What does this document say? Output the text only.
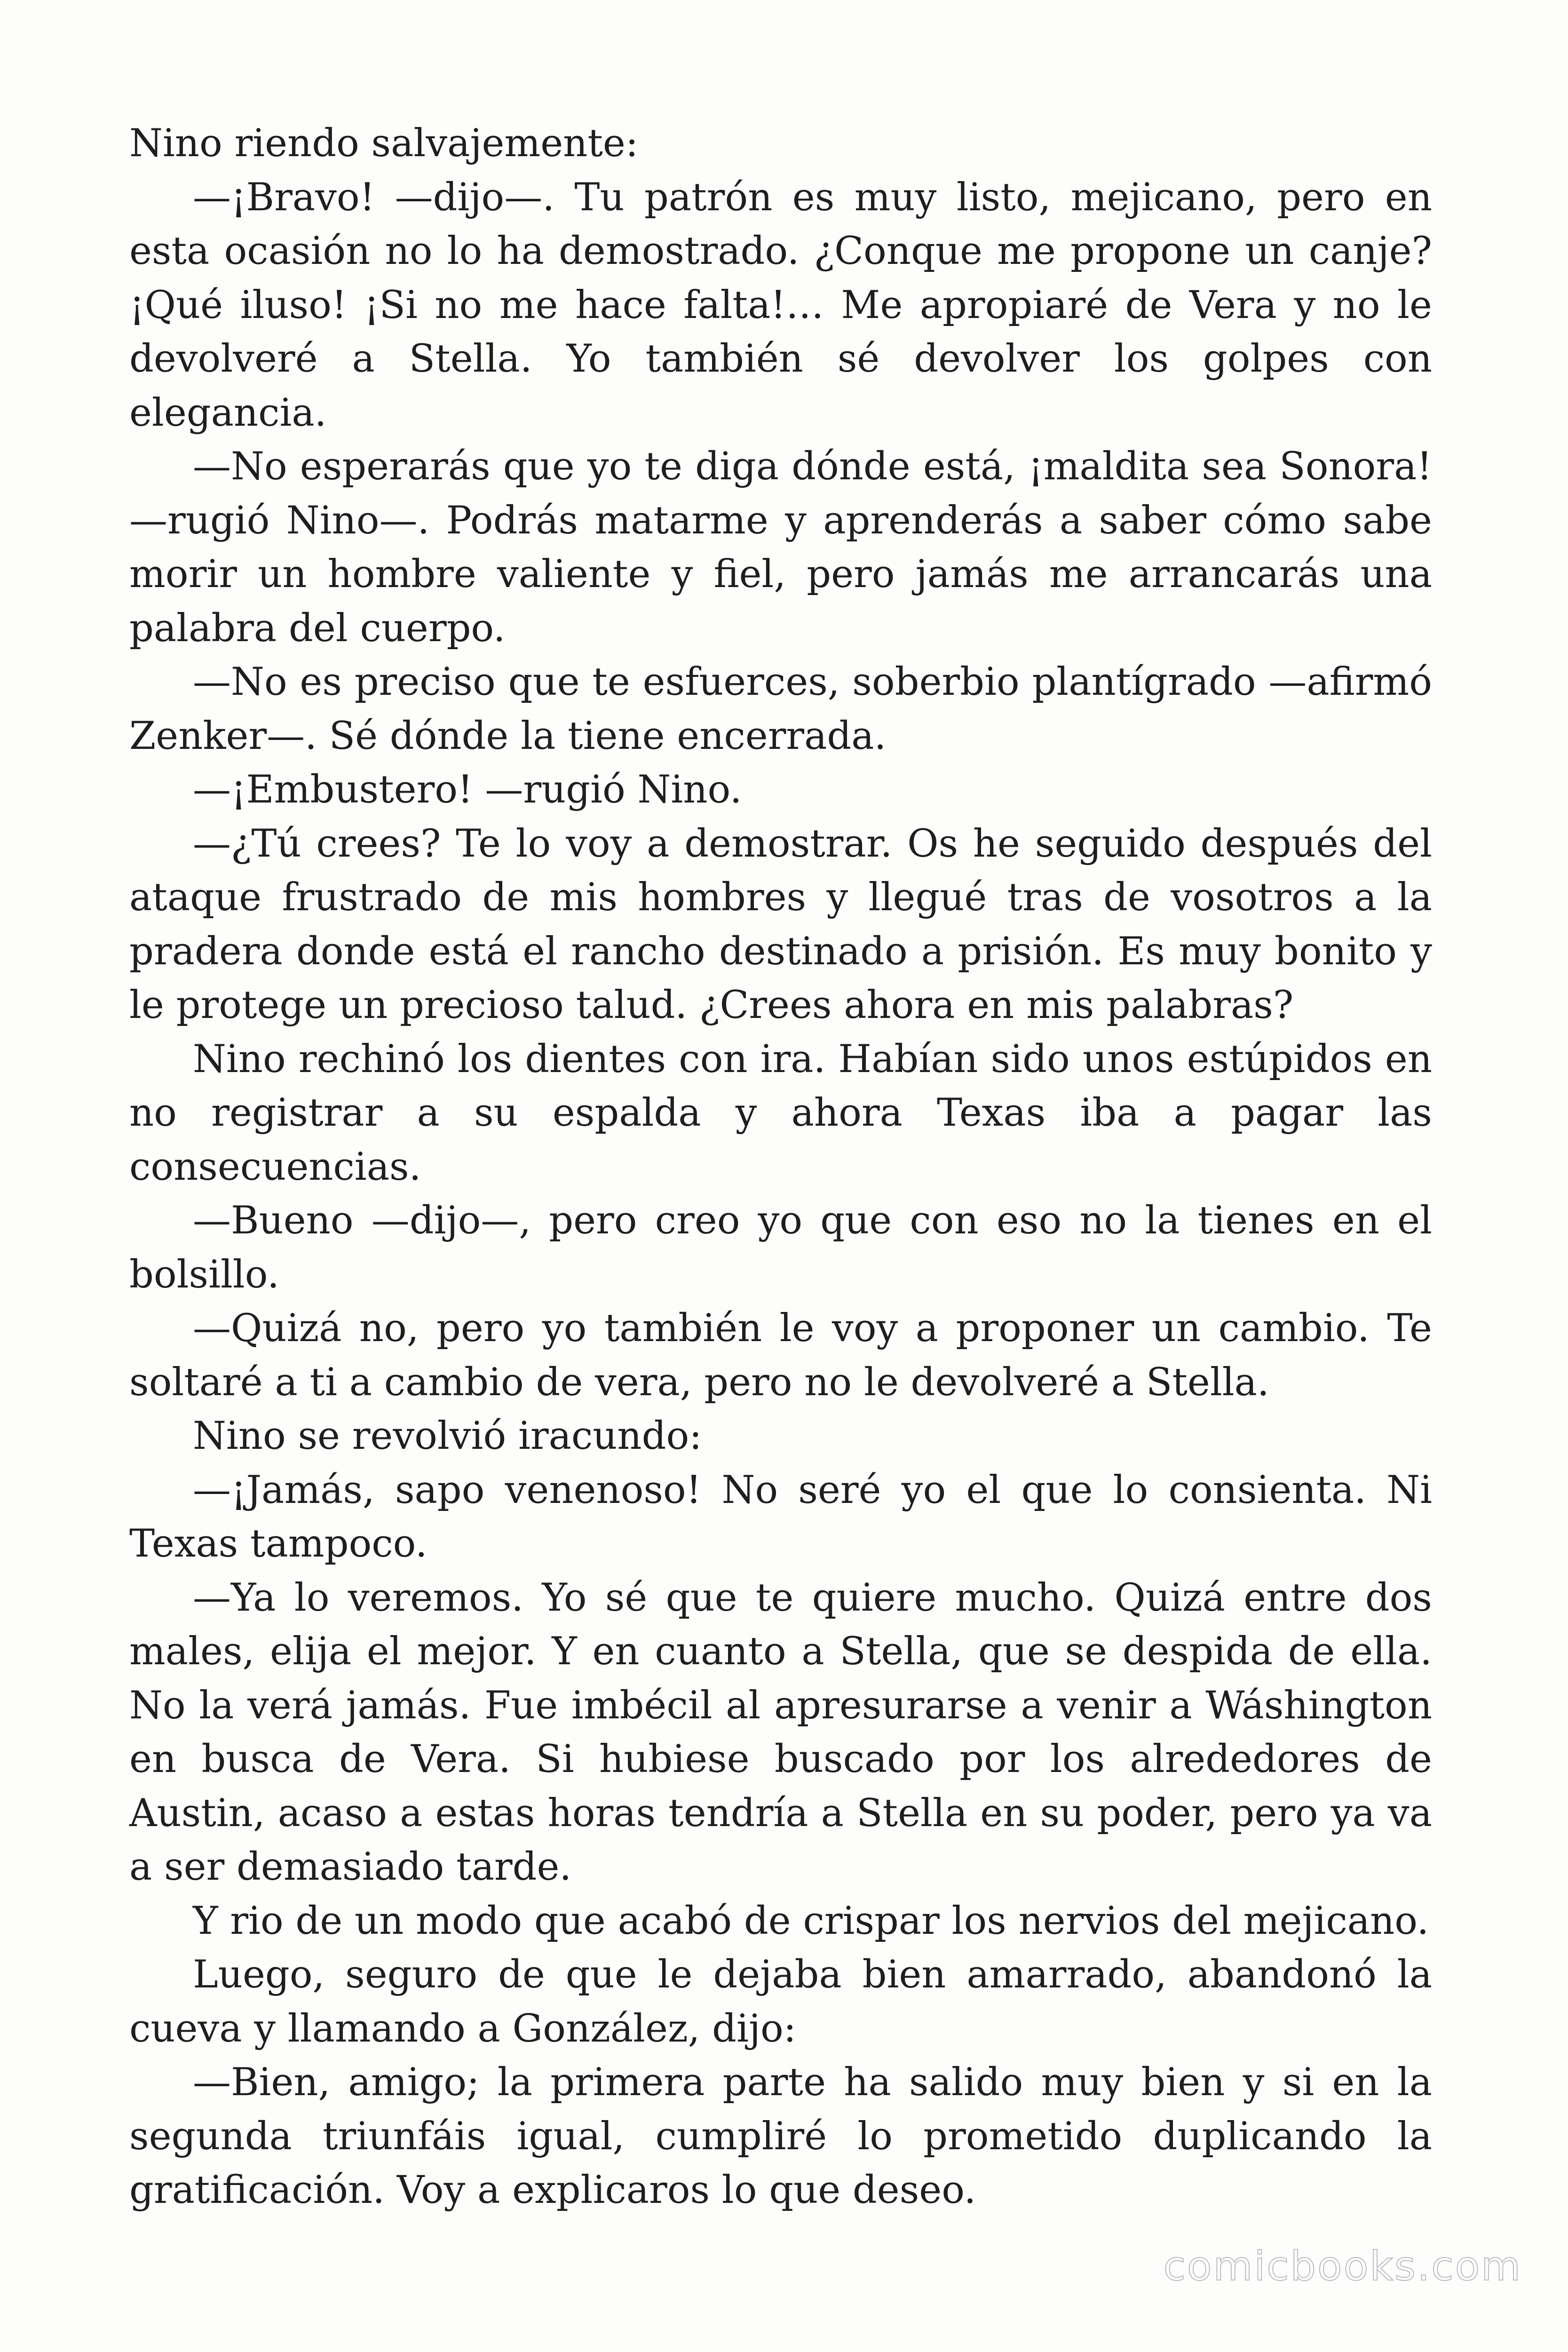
Nino riendo salvajemente:

—¡Bravo! —dijo—. Tu patrón es muy listo, mejicano, pero en esta ocasión no lo ha demostrado. ¿Conque me propone un canje? ¡Qué iluso! ¡Si no me hace falta!… Me apropiaré de Vera y no le devolveré a Stella. Yo también sé devolver los golpes con elegancia.

—No esperarás que yo te diga dónde está, ¡maldita sea Sonora! —rugió Nino—. Podrás matarme y aprenderás a saber cómo sabe morir un hombre valiente y fiel, pero jamás me arrancarás una palabra del cuerpo.

—No es preciso que te esfuerces, soberbio plantígrado —afirmó Zenker—. Sé dónde la tiene encerrada.

—¡Embustero! —rugió Nino.

—¿Tú crees? Te lo voy a demostrar. Os he seguido después del ataque frustrado de mis hombres y llegué tras de vosotros a la pradera donde está el rancho destinado a prisión. Es muy bonito y le protege un precioso talud. ¿Crees ahora en mis palabras?

Nino rechinó los dientes con ira. Habían sido unos estúpidos en no registrar a su espalda y ahora Texas iba a pagar las consecuencias.

—Bueno —dijo—, pero creo yo que con eso no la tienes en el bolsillo.

—Quizá no, pero yo también le voy a proponer un cambio. Te soltaré a ti a cambio de vera, pero no le devolveré a Stella.

Nino se revolvió iracundo:

—¡Jamás, sapo venenoso! No seré yo el que lo consienta. Ni Texas tampoco.

—Ya lo veremos. Yo sé que te quiere mucho. Quizá entre dos males, elija el mejor. Y en cuanto a Stella, que se despida de ella. No la verá jamás. Fue imbécil al apresurarse a venir a Wáshington en busca de Vera. Si hubiese buscado por los alrededores de Austin, acaso a estas horas tendría a Stella en su poder, pero ya va a ser demasiado tarde.

Y rio de un modo que acabó de crispar los nervios del mejicano.

Luego, seguro de que le dejaba bien amarrado, abandonó la cueva y llamando a González, dijo:

—Bien, amigo; la primera parte ha salido muy bien y si en la segunda triunfáis igual, cumpliré lo prometido duplicando la gratificación. Voy a explicaros lo que deseo.

comicbooks.com
